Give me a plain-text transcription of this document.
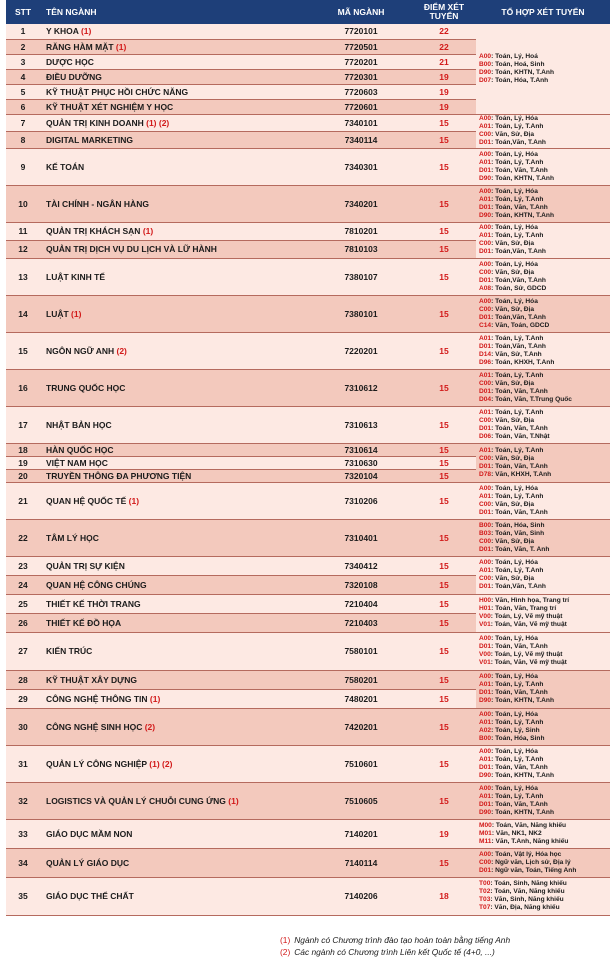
STT	TÊN NGÀNH	MÃ NGÀNH	ĐIỂM XÉT
TUYỂN	TỔ HỢP XÉT TUYỂN
1	Y KHOA (1)	7720101	22	A00: Toán, Lý, Hoá
B00: Toán, Hoá, Sinh
D90: Toán, KHTN, T.Anh
D07: Toán, Hóa, T.Anh

2	RĂNG HÀM MẶT (1)	7720501	22	
3	DƯỢC HỌC	7720201	21	
4	ĐIỀU DƯỠNG	7720301	19	
5	KỸ THUẬT PHỤC HỒI CHỨC NĂNG	7720603	19	
6	KỸ THUẬT XÉT NGHIỆM Y HỌC	7720601	19	
7	QUẢN TRỊ KINH DOANH (1) (2)	7340101	15	A00: Toán, Lý, Hóa
A01: Toán, Lý, T.Anh
C00: Văn, Sử, Địa
D01: Toán,Văn, T.Anh

8	DIGITAL MARKETING	7340114	15	
9	KẾ TOÁN	7340301	15	A00: Toán, Lý, Hóa
A01: Toán, Lý, T.Anh
D01: Toán, Văn, T.Anh
D90: Toán, KHTN, T.Anh

10	TÀI CHÍNH - NGÂN HÀNG	7340201	15	A00: Toán, Lý, Hóa
A01: Toán, Lý, T.Anh
D01: Toán, Văn, T.Anh
D90: Toán, KHTN, T.Anh

11	QUẢN TRỊ KHÁCH SẠN (1)	7810201	15	A00: Toán, Lý, Hóa
A01: Toán, Lý, T.Anh
C00: Văn, Sử, Địa
D01: Toán,Văn, T.Anh

12	QUẢN TRỊ DỊCH VỤ DU LỊCH VÀ LỮ HÀNH	7810103	15	
13	LUẬT KINH TẾ	7380107	15	A00: Toán, Lý, Hóa
C00: Văn, Sử, Địa
D01: Toán,Văn, T.Anh
A08: Toán, Sử, GDCD

14	LUẬT (1)	7380101	15	A00: Toán, Lý, Hóa
C00: Văn, Sử, Địa
D01: Toán,Văn, T.Anh
C14: Văn, Toán, GDCD

15	NGÔN NGỮ ANH (2)	7220201	15	A01: Toán, Lý, T.Anh
D01: Toán,Văn, T.Anh
D14: Văn, Sử, T.Anh
D96: Toán, KHXH, T.Anh

16	TRUNG QUỐC HỌC	7310612	15	A01: Toán, Lý, T.Anh
C00: Văn, Sử, Địa
D01: Toán, Văn, T.Anh
D04: Toán, Văn, T.Trung Quốc

17	NHẬT BẢN HỌC	7310613	15	A01: Toán, Lý, T.Anh
C00: Văn, Sử, Địa
D01: Toán, Văn, T.Anh
D06: Toán, Văn, T.Nhật

18	HÀN QUỐC HỌC	7310614	15	A01: Toán, Lý, T.Anh
C00: Văn, Sử, Địa
D01: Toán, Văn, T.Anh
D78: Văn, KHXH, T.Anh

19	VIỆT NAM HỌC	7310630	15	
20	TRUYỀN THÔNG ĐA PHƯƠNG TIỆN	7320104	15	
21	QUAN HỆ QUỐC TẾ (1)	7310206	15	A00: Toán, Lý, Hóa
A01: Toán, Lý, T.Anh
C00: Văn, Sử, Địa
D01: Toán, Văn, T.Anh

22	TÂM LÝ HỌC	7310401	15	B00: Toán, Hóa, Sinh
B03: Toán, Văn, Sinh
C00: Văn, Sử, Địa
D01: Toán, Văn, T. Anh

23	QUẢN TRỊ SỰ KIỆN	7340412	15	A00: Toán, Lý, Hóa
A01: Toán, Lý, T.Anh
C00: Văn, Sử, Địa
D01: Toán,Văn, T.Anh

24	QUAN HỆ CÔNG CHÚNG	7320108	15	
25	THIẾT KẾ THỜI TRANG	7210404	15	H00: Văn, Hình họa, Trang trí
H01: Toán, Văn, Trang trí
V00: Toán, Lý, Vẽ mỹ thuật
V01: Toán, Văn, Vẽ mỹ thuật

26	THIẾT KẾ ĐỒ HỌA	7210403	15	
27	KIẾN TRÚC	7580101	15	A00: Toán, Lý, Hóa
D01: Toán, Văn, T.Anh
V00: Toán, Lý, Vẽ mỹ thuật
V01: Toán, Văn, Vẽ mỹ thuật

28	KỸ THUẬT XÂY DỰNG	7580201	15	A00: Toán, Lý, Hóa
A01: Toán, Lý, T.Anh
D01: Toán, Văn, T.Anh
D90: Toán, KHTN, T.Anh

29	CÔNG NGHỆ THÔNG TIN (1)	7480201	15	
30	CÔNG NGHỆ SINH HỌC (2)	7420201	15	A00: Toán, Lý, Hóa
A01: Toán, Lý, T.Anh
A02: Toán, Lý, Sinh
B00: Toán, Hóa, Sinh

31	QUẢN LÝ CÔNG NGHIỆP (1) (2)	7510601	15	A00: Toán, Lý, Hóa
A01: Toán, Lý, T.Anh
D01: Toán, Văn, T.Anh
D90: Toán, KHTN, T.Anh

32	LOGISTICS VÀ QUẢN LÝ CHUỖI CUNG ỨNG (1)	7510605	15	A00: Toán, Lý, Hóa
A01: Toán, Lý, T.Anh
D01: Toán, Văn, T.Anh
D90: Toán, KHTN, T.Anh

33	GIÁO DỤC MẦM NON	7140201	19	M00: Toán, Văn, Năng khiếu
M01: Văn, NK1, NK2
M11: Văn, T.Anh, Năng khiếu

34	QUẢN LÝ GIÁO DỤC	7140114	15	A00: Toán, Vật lý, Hóa học
C00: Ngữ văn, Lịch sử, Địa lý
D01: Ngữ văn, Toán, Tiếng Anh

35	GIÁO DỤC THỂ CHẤT	7140206	18	T00: Toán, Sinh, Năng khiếu
T02: Toán, Văn, Năng khiếu
T03: Văn, Sinh, Năng khiếu
T07: Văn, Địa, Năng khiếu
(1) Ngành có Chương trình đào tạo hoàn toàn bằng tiếng Anh
(2) Các ngành có Chương trình Liên kết Quốc tế (4+0, ...)
